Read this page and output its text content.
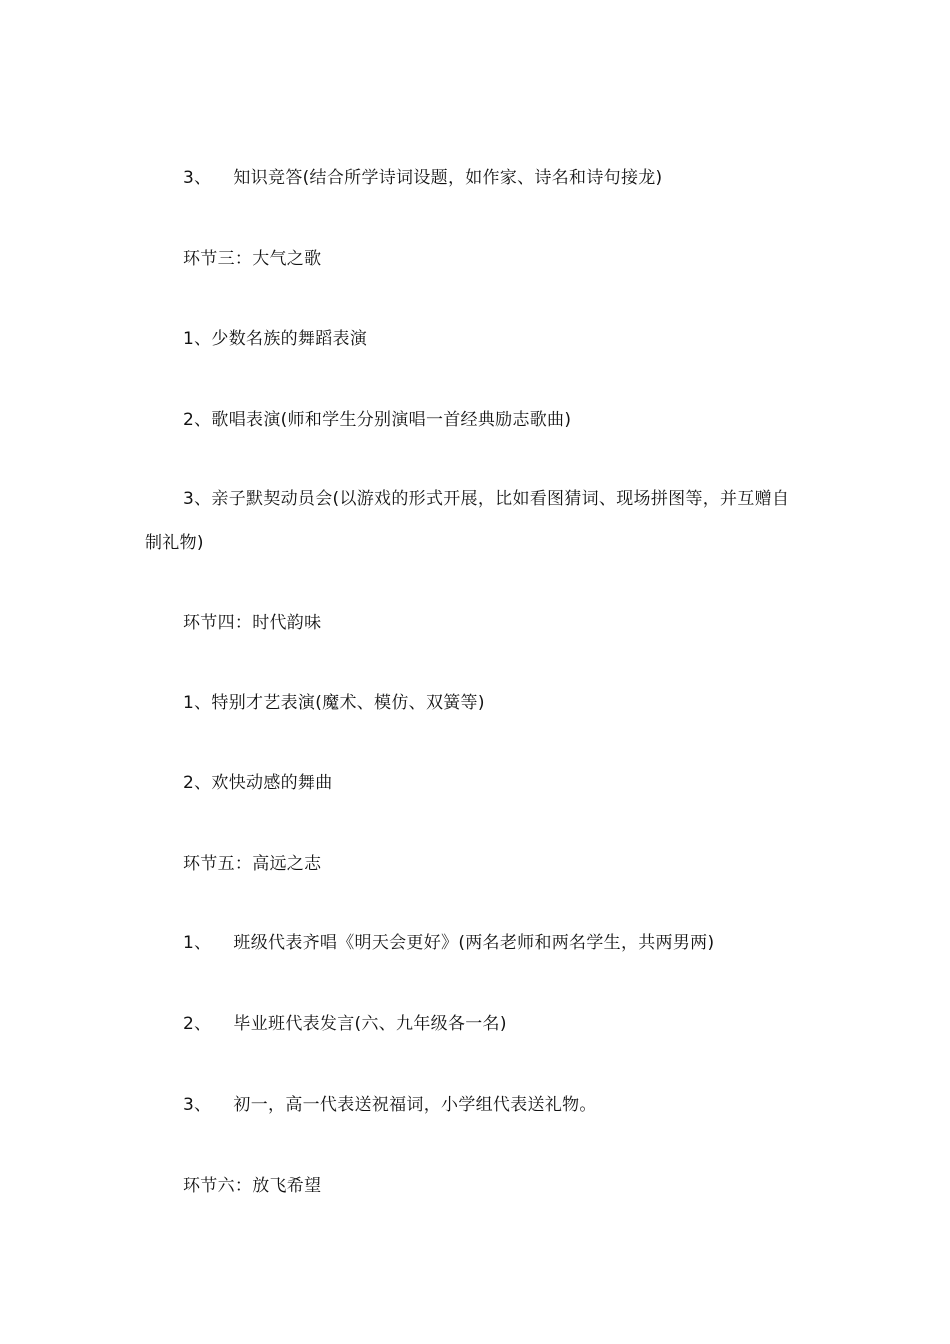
3、 知识竞答(结合所学诗词设题，如作家、诗名和诗句接龙)
环节三：大气之歌
1、少数名族的舞蹈表演
2、歌唱表演(师和学生分别演唱一首经典励志歌曲)
3、亲子默契动员会(以游戏的形式开展，比如看图猜词、现场拼图等，并互赠自制礼物)
环节四：时代韵味
1、特别才艺表演(魔术、模仿、双簧等)
2、欢快动感的舞曲
环节五：高远之志
1、 班级代表齐唱《明天会更好》(两名老师和两名学生，共两男两)
2、 毕业班代表发言(六、九年级各一名)
3、 初一，高一代表送祝福词，小学组代表送礼物。
环节六：放飞希望
